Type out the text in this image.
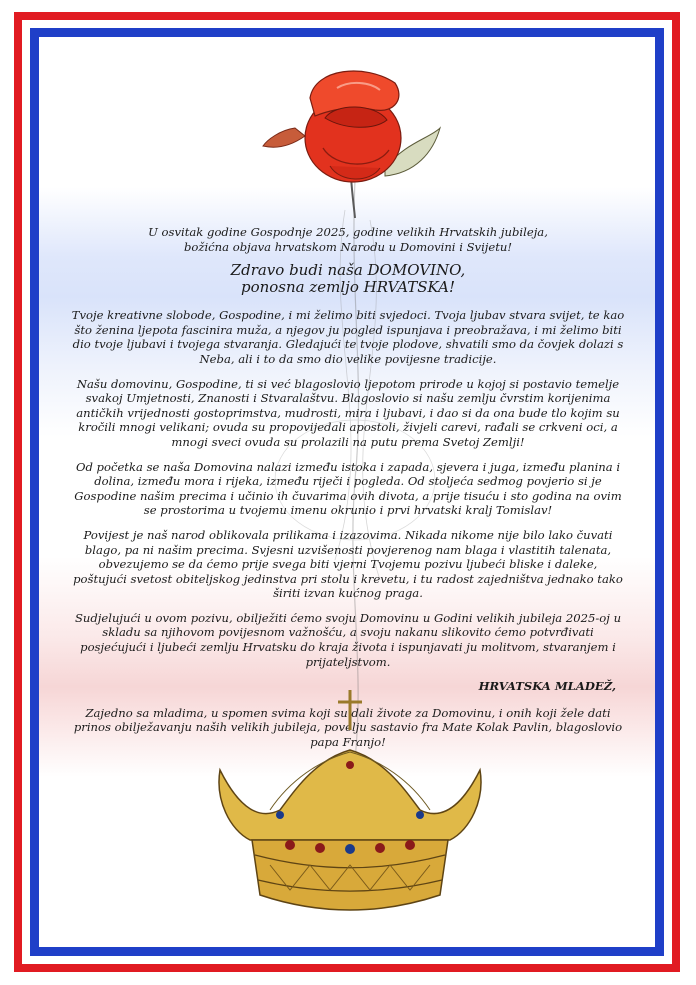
U osvitak godine Gospodnje 2025, godine velikih Hrvatskih jubileja,
božićna objava hrvatskom Narodu u Domovini i Svijetu!

Zdravo budi naša DOMOVINO,
ponosna zemljo HRVATSKA!

Tvoje kreativne slobode, Gospodine, i mi želimo biti svjedoci. Tvoja ljubav stvara svijet, te kao što ženina ljepota fascinira muža, a njegov ju pogled ispunjava i preobražava, i mi želimo biti dio tvoje ljubavi i tvojega stvaranja. Gledajući te tvoje plodove, shvatili smo da čovjek dolazi s Neba, ali i to da smo dio velike povijesne tradicije.

Našu domovinu, Gospodine, ti si već blagoslovio ljepotom prirode u kojoj si postavio temelje svakoj Umjetnosti, Znanosti i Stvaralaštvu. Blagoslovio si našu zemlju čvrstim korijenima antičkih vrijednosti gostoprimstva, mudrosti, mira i ljubavi, i dao si da ona bude tlo kojim su kročili mnogi velikani; ovuda su propovijedali apostoli, živjeli carevi, rađali se crkveni oci, a mnogi sveci ovuda su prolazili na putu prema Svetoj Zemlji!

Od početka se naša Domovina nalazi između istoka i zapada, sjevera i juga, između planina i dolina, između mora i rijeka, između riječi i pogleda. Od stoljeća sedmog povjerio si je Gospodine našim precima i učinio ih čuvarima ovih divota, a prije tisuću i sto godina na ovim se prostorima u tvojemu imenu okrunio i prvi hrvatski kralj Tomislav!

Povijest je naš narod oblikovala prilikama i izazovima. Nikada nikome nije bilo lako čuvati blago, pa ni našim precima. Svjesni uzvišenosti povjerenog nam blaga i vlastitih talenata, obvezujemo se da ćemo prije svega biti vjerni Tvojemu pozivu ljubeći bliske i daleke, poštujući svetost obiteljskog jedinstva pri stolu i krevetu, i tu radost zajedništva jednako tako širiti izvan kućnog praga.

Sudjelujući u ovom pozivu, obilježiti ćemo svoju Domovinu u Godini velikih jubileja 2025-oj u skladu sa njihovom povijesnom važnošću, a svoju nakanu slikovito ćemo potvrđivati posjećujući i ljubeći zemlju Hrvatsku do kraja života i ispunjavati ju molitvom, stvaranjem i prijateljstvom.

HRVATSKA MLADEŽ,

Zajedno sa mladima, u spomen svima koji su dali živote za Domovinu, i onih koji žele dati prinos obilježavanju naših velikih jubileja, povelju sastavio fra Mate Kolak Pavlin, blagoslovio papa Franjo!
